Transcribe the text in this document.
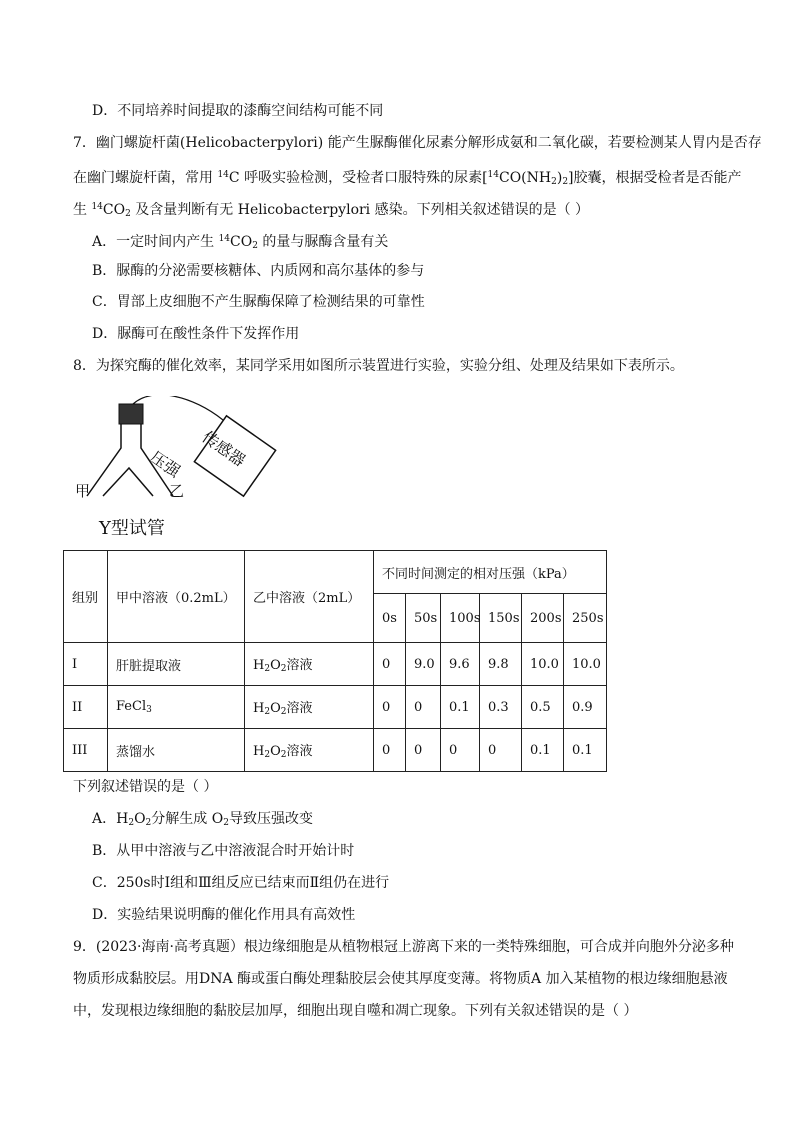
D．不同培养时间提取的漆酶空间结构可能不同
7．幽门螺旋杆菌(Helicobacterpylori) 能产生脲酶催化尿素分解形成氨和二氧化碳，若要检测某人胃内是否存
在幽门螺旋杆菌，常用 $^{14}$C 呼吸实验检测，受检者口服特殊的尿素$[^{14}CO(NH_2)_2]$胶囊，根据受检者是否能产
生 $^{14}CO_2$ 及含量判断有无 Helicobacterpylori 感染。下列相关叙述错误的是（ ）
A．一定时间内产生 $^{14}CO_2$ 的量与脲酶含量有关
B．脲酶的分泌需要核糖体、内质网和高尔基体的参与
C．胃部上皮细胞不产生脲酶保障了检测结果的可靠性
D．脲酶可在酸性条件下发挥作用
8．为探究酶的催化效率，某同学采用如图所示装置进行实验，实验分组、处理及结果如下表所示。
压强 传感器
甲	乙
Y型试管
组别	甲中溶液（0.2mL）	乙中溶液（2mL）	不同时间测定的相对压强（kPa）					
			0s	50s	100s	150s	200s	250s
I	肝脏提取液	$H_2O_2$溶液	0	9.0	9.6	9.8	10.0	10.0
II	FeCl$_3$	$H_2O_2$溶液	0	0	0.1	0.3	0.5	0.9
III	蒸馏水	$H_2O_2$溶液	0	0	0	0	0.1	0.1
下列叙述错误的是（ ）
A．$H_2O_2$分解生成 $O_2$导致压强改变
B．从甲中溶液与乙中溶液混合时开始计时
C．250s时Ⅰ组和Ⅲ组反应已结束而Ⅱ组仍在进行
D．实验结果说明酶的催化作用具有高效性
9．(2023·海南·高考真题）根边缘细胞是从植物根冠上游离下来的一类特殊细胞，可合成并向胞外分泌多种
物质形成黏胶层。用DNA 酶或蛋白酶处理黏胶层会使其厚度变薄。将物质A 加入某植物的根边缘细胞悬液
中，发现根边缘细胞的黏胶层加厚，细胞出现自噬和凋亡现象。下列有关叙述错误的是（ ）
